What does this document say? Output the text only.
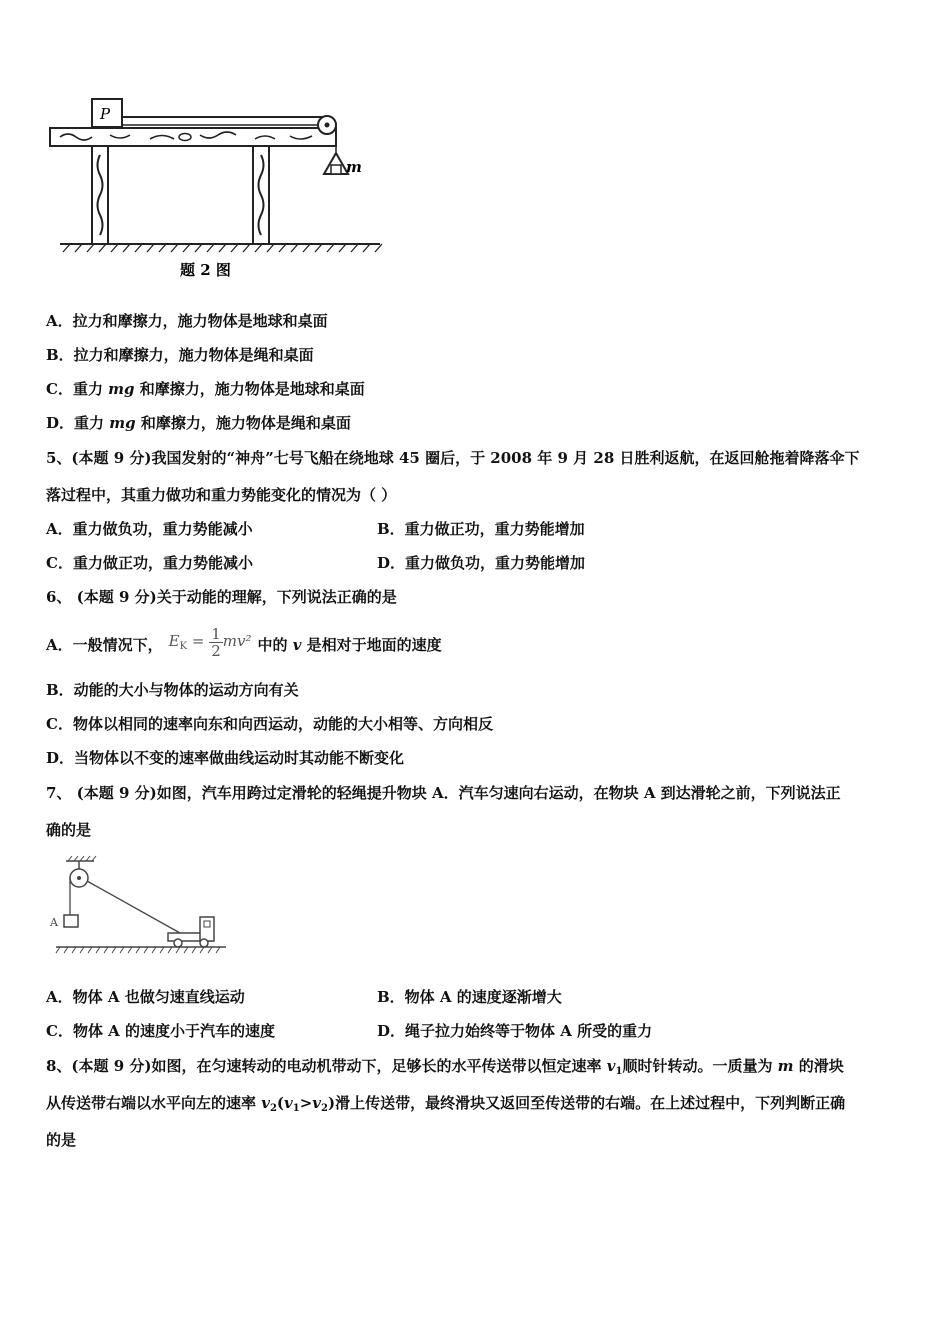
P
m
题 2 图
A．拉力和摩擦力，施力物体是地球和桌面
B．拉力和摩擦力，施力物体是绳和桌面
C．重力 mg 和摩擦力，施力物体是地球和桌面
D．重力 mg 和摩擦力，施力物体是绳和桌面
5、(本题 9 分)我国发射的“神舟”七号飞船在绕地球 45 圈后，于 2008 年 9 月 28 日胜利返航，在返回舱拖着降落伞下
落过程中，其重力做功和重力势能变化的情况为（ ）
A．重力做负功，重力势能减小	B．重力做正功，重力势能增加
C．重力做正功，重力势能减小	D．重力做负功，重力势能增加
6、 (本题 9 分)关于动能的理解，下列说法正确的是
A．一般情况下， $E_K = \frac{1}{2} mv^2$ 中的 v 是相对于地面的速度
B．动能的大小与物体的运动方向有关
C．物体以相同的速率向东和向西运动，动能的大小相等、方向相反
D．当物体以不变的速率做曲线运动时其动能不断变化
7、 (本题 9 分)如图，汽车用跨过定滑轮的轻绳提升物块 A．汽车匀速向右运动，在物块 A 到达滑轮之前，下列说法正
确的是
A
A．物体 A 也做匀速直线运动	B．物体 A 的速度逐渐增大
C．物体 A 的速度小于汽车的速度	D．绳子拉力始终等于物体 A 所受的重力
8、(本题 9 分)如图，在匀速转动的电动机带动下，足够长的水平传送带以恒定速率 $v_1$顺时针转动。一质量为 m 的滑块
从传送带右端以水平向左的速率 $v_2(v_1>v_2)$滑上传送带，最终滑块又返回至传送带的右端。在上述过程中，下列判断正确
的是
